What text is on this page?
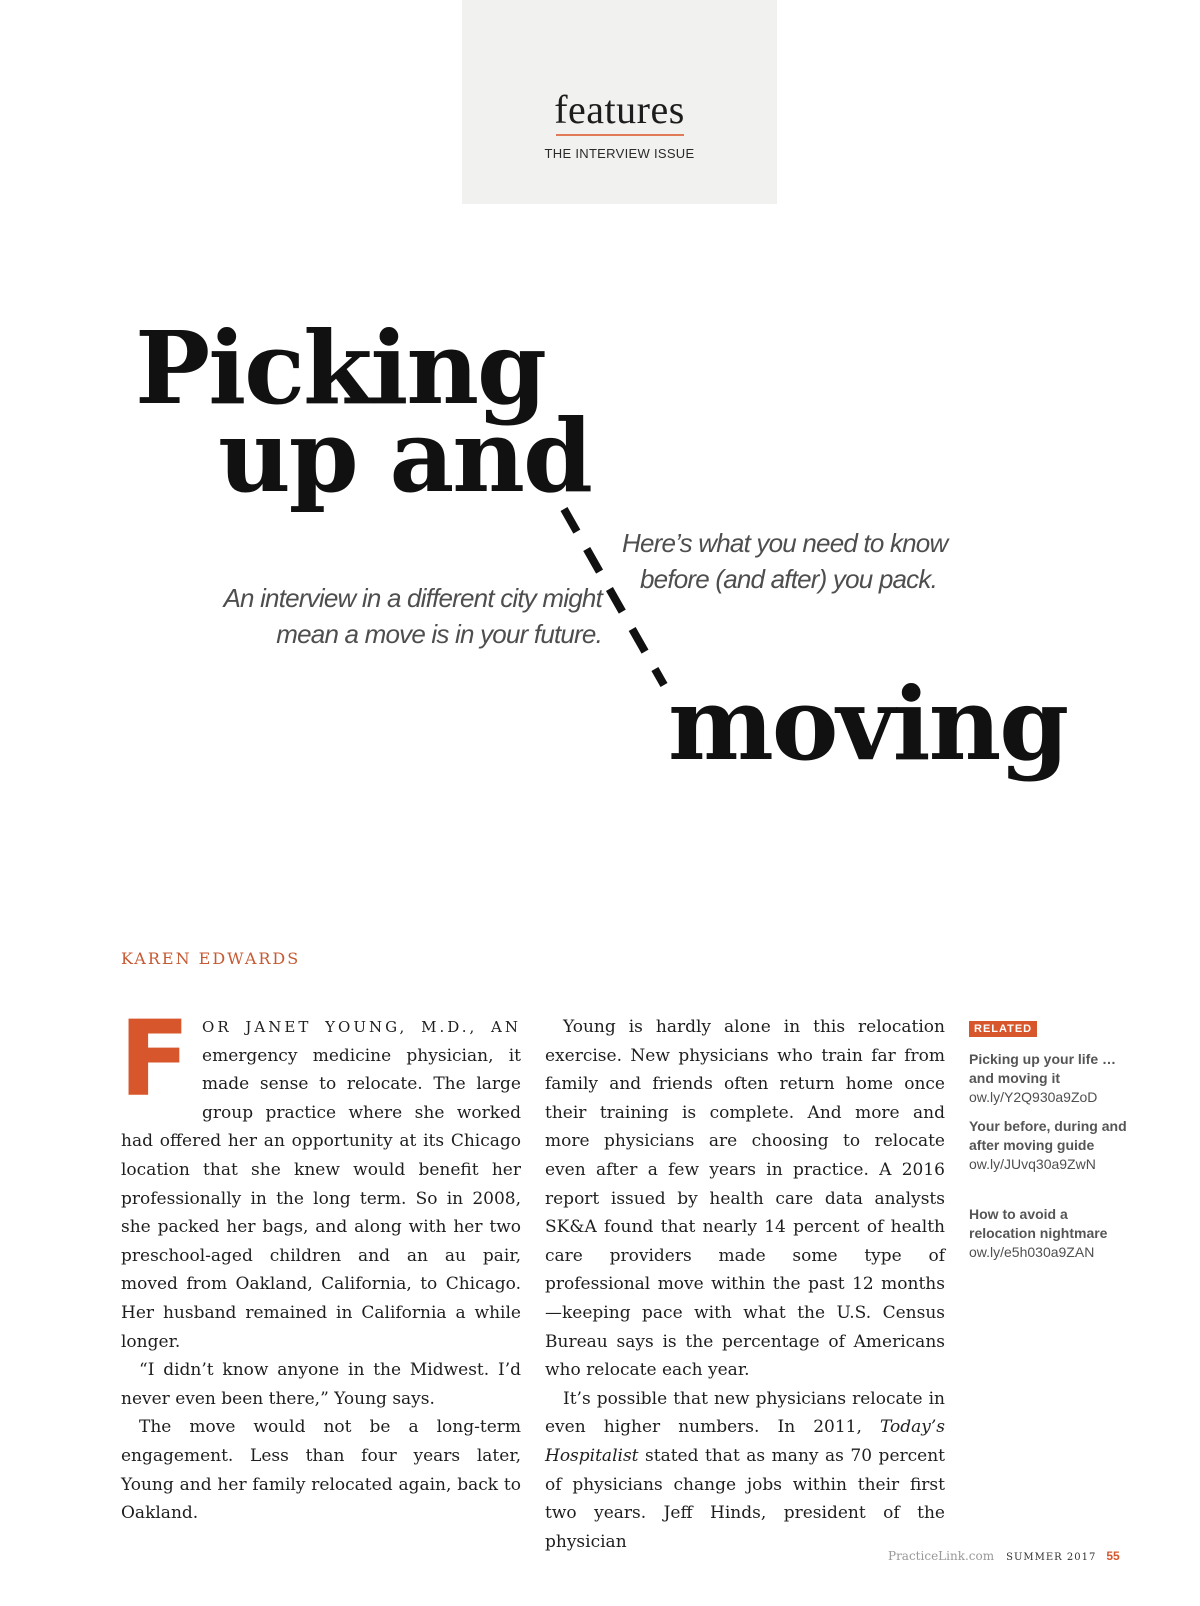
features
THE INTERVIEW ISSUE
Picking
up and
moving
An interview in a different city might
mean a move is in your future.
Here’s what you need to know
before (and after) you pack.
KAREN EDWARDS

F OR JANET YOUNG, M.D., AN emergency medicine physician, it made sense to relocate. The large group practice where she worked had offered her an opportunity at its Chicago location that she knew would benefit her professionally in the long term. So in 2008, she packed her bags, and along with her two preschool-aged children and an au pair, moved from Oakland, California, to Chicago. Her husband remained in California a while longer.

“I didn’t know anyone in the Midwest. I’d never even been there,” Young says.

The move would not be a long-term engagement. Less than four years later, Young and her family relocated again, back to Oakland.

Young is hardly alone in this relocation exercise. New physicians who train far from family and friends often return home once their training is complete. And more and more physicians are choosing to relocate even after a few years in practice. A 2016 report issued by health care data analysts SK&A found that nearly 14 percent of health care providers made some type of professional move within the past 12 months—keeping pace with what the U.S. Census Bureau says is the percentage of Americans who relocate each year.

It’s possible that new physicians relocate in even higher numbers. In 2011, Today’s Hospitalist stated that as many as 70 percent of physicians change jobs within their first two years. Jeff Hinds, president of the physician

RELATED
Picking up your life … and moving it
ow.ly/Y2Q930a9ZoD
Your before, during and after moving guide
ow.ly/JUvq30a9ZwN
How to avoid a relocation nightmare
ow.ly/e5h030a9ZAN
PracticeLink.com SUMMER 2017 55
